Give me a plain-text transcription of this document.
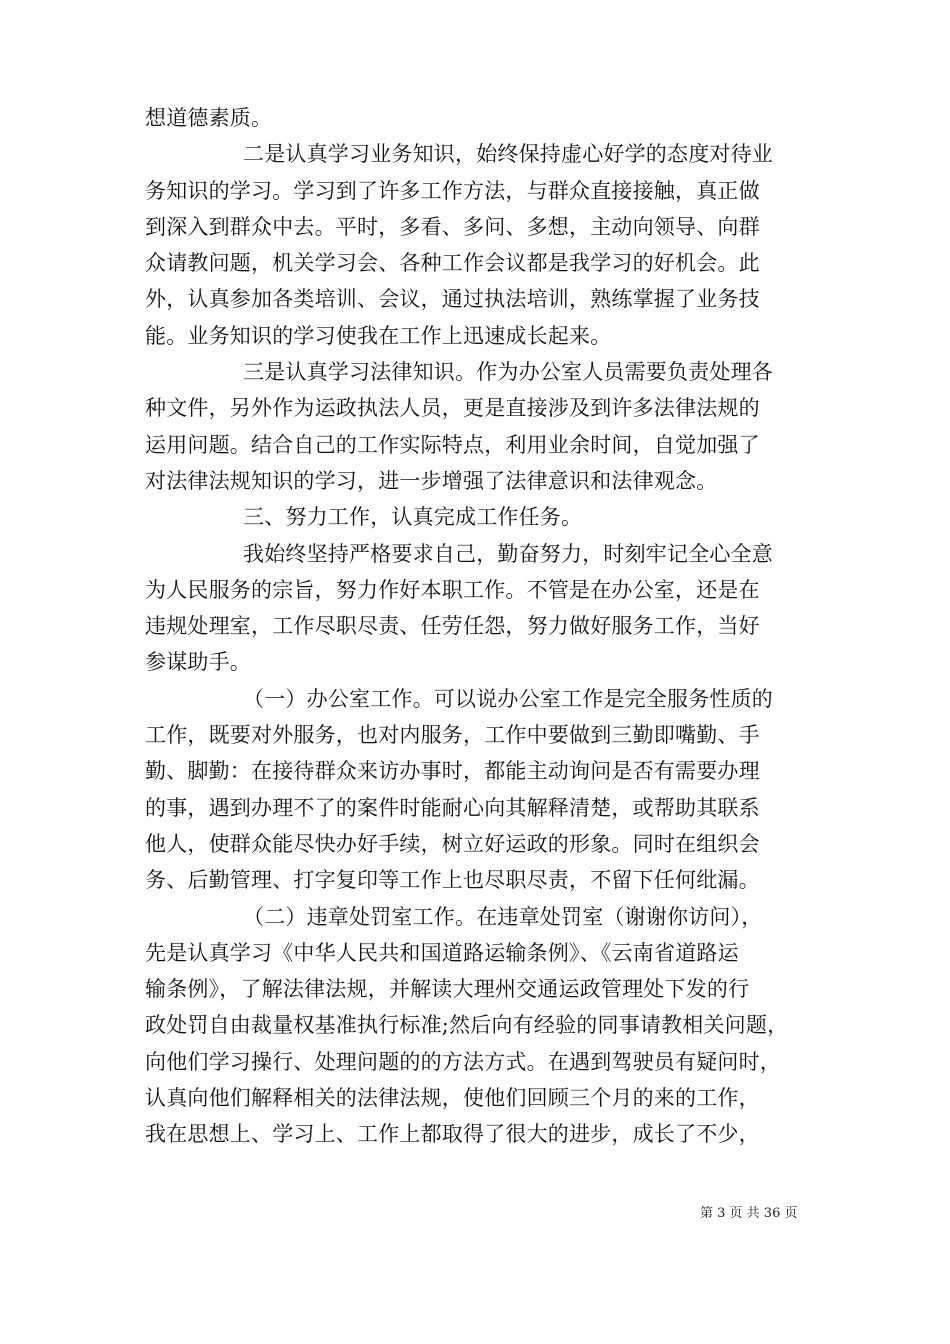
想道德素质。
二是认真学习业务知识，始终保持虚心好学的态度对待业
务知识的学习。学习到了许多工作方法，与群众直接接触，真正做
到深入到群众中去。平时，多看、多问、多想，主动向领导、向群
众请教问题，机关学习会、各种工作会议都是我学习的好机会。此
外，认真参加各类培训、会议，通过执法培训，熟练掌握了业务技
能。业务知识的学习使我在工作上迅速成长起来。
三是认真学习法律知识。作为办公室人员需要负责处理各
种文件，另外作为运政执法人员，更是直接涉及到许多法律法规的
运用问题。结合自己的工作实际特点，利用业余时间，自觉加强了
对法律法规知识的学习，进一步增强了法律意识和法律观念。
三、努力工作，认真完成工作任务。
我始终坚持严格要求自己，勤奋努力，时刻牢记全心全意
为人民服务的宗旨，努力作好本职工作。不管是在办公室，还是在
违规处理室，工作尽职尽责、任劳任怨，努力做好服务工作，当好
参谋助手。
（一）办公室工作。可以说办公室工作是完全服务性质的
工作，既要对外服务，也对内服务，工作中要做到三勤即嘴勤、手
勤、脚勤：在接待群众来访办事时，都能主动询问是否有需要办理
的事，遇到办理不了的案件时能耐心向其解释清楚，或帮助其联系
他人，使群众能尽快办好手续，树立好运政的形象。同时在组织会
务、后勤管理、打字复印等工作上也尽职尽责，不留下任何纰漏。
（二）违章处罚室工作。在违章处罚室（谢谢你访问），
先是认真学习《中华人民共和国道路运输条例》、《云南省道路运
输条例》，了解法律法规，并解读大理州交通运政管理处下发的行
政处罚自由裁量权基准执行标准;然后向有经验的同事请教相关问题，
向他们学习操行、处理问题的的方法方式。在遇到驾驶员有疑问时，
认真向他们解释相关的法律法规，使他们回顾三个月的来的工作，
我在思想上、学习上、工作上都取得了很大的进步，成长了不少，
第 3 页 共 36 页
